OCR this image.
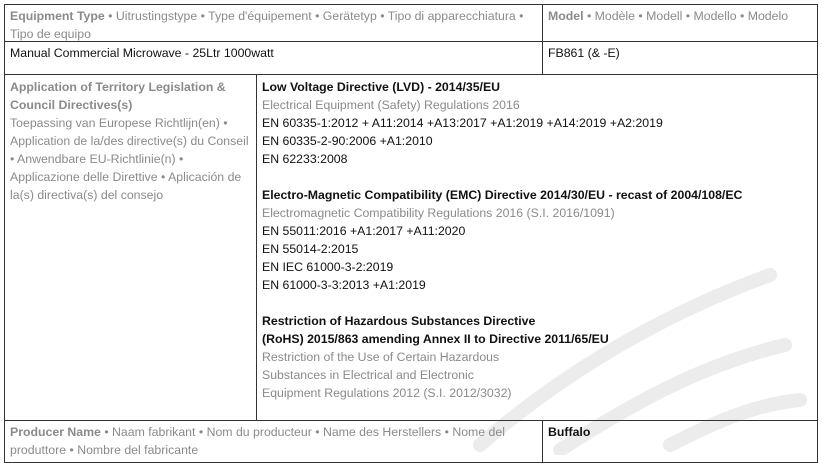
Equipment Type • Uitrustingstype • Type d'équipement • Gerätetyp • Tipo di apparecchiatura • Tipo de equipo
Model • Modèle • Modell • Modello • Modelo
Manual Commercial Microwave - 25Ltr 1000watt	FB861 (& -E)
Application of Territory Legislation & Council Directives(s)
Toepassing van Europese Richtlijn(en) • Application de la/des directive(s) du Conseil • Anwendbare EU-Richtlinie(n) • Applicazione delle Direttive • Aplicación de la(s) directiva(s) del consejo
Low Voltage Directive (LVD) - 2014/35/EU
Electrical Equipment (Safety) Regulations 2016
EN 60335-1:2012 + A11:2014 +A13:2017 +A1:2019 +A14:2019 +A2:2019
EN 60335-2-90:2006 +A1:2010
EN 62233:2008
Electro-Magnetic Compatibility (EMC) Directive 2014/30/EU - recast of 2004/108/EC
Electromagnetic Compatibility Regulations 2016 (S.I. 2016/1091)
EN 55011:2016 +A1:2017 +A11:2020
EN 55014-2:2015
EN IEC 61000-3-2:2019
EN 61000-3-3:2013 +A1:2019
Restriction of Hazardous Substances Directive
(RoHS) 2015/863 amending Annex II to Directive 2011/65/EU
Restriction of the Use of Certain Hazardous
Substances in Electrical and Electronic
Equipment Regulations 2012 (S.I. 2012/3032)
Producer Name • Naam fabrikant • Nom du producteur • Name des Herstellers • Nome del produttore • Nombre del fabricante
Buffalo
